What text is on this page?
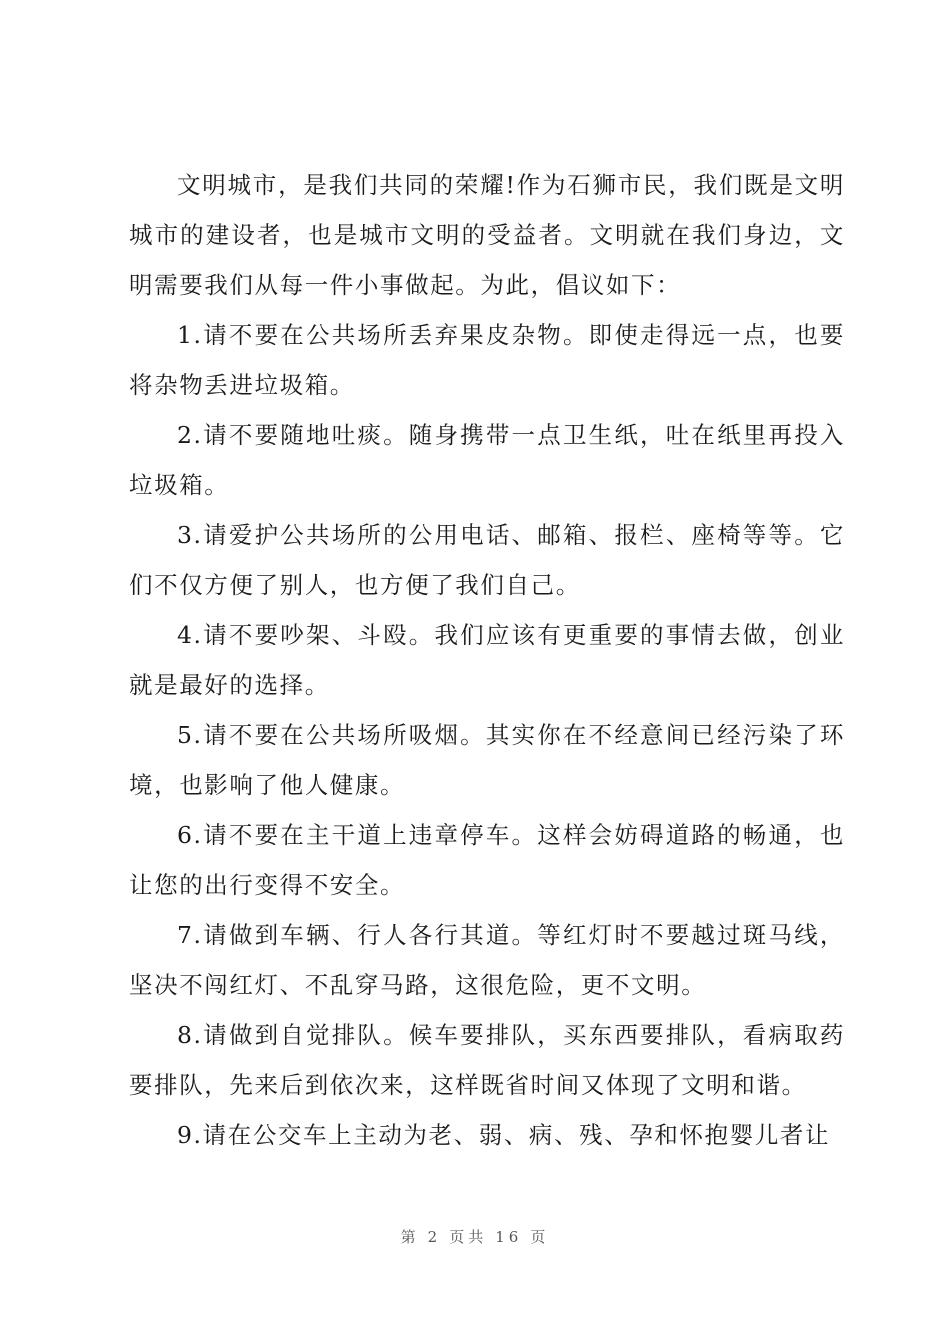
文明城市，是我们共同的荣耀!作为石狮市民，我们既是文明城市的建设者，也是城市文明的受益者。文明就在我们身边，文明需要我们从每一件小事做起。为此，倡议如下：

1.请不要在公共场所丢弃果皮杂物。即使走得远一点，也要将杂物丢进垃圾箱。

2.请不要随地吐痰。随身携带一点卫生纸，吐在纸里再投入垃圾箱。

3.请爱护公共场所的公用电话、邮箱、报栏、座椅等等。它们不仅方便了别人，也方便了我们自己。

4.请不要吵架、斗殴。我们应该有更重要的事情去做，创业就是最好的选择。

5.请不要在公共场所吸烟。其实你在不经意间已经污染了环境，也影响了他人健康。

6.请不要在主干道上违章停车。这样会妨碍道路的畅通，也让您的出行变得不安全。

7.请做到车辆、行人各行其道。等红灯时不要越过斑马线，坚决不闯红灯、不乱穿马路，这很危险，更不文明。

8.请做到自觉排队。候车要排队，买东西要排队，看病取药要排队，先来后到依次来，这样既省时间又体现了文明和谐。

9.请在公交车上主动为老、弱、病、残、孕和怀抱婴儿者让

第 2 页共 16 页
